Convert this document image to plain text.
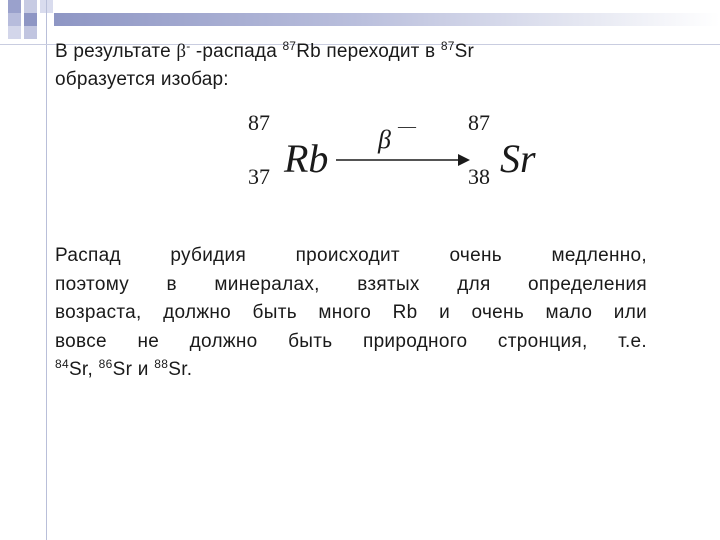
В результате β- -распада $^{87}$Rb переходит в $^{87}$Sr
образуется изобар:
87
37 Rb β — 87
38 Sr
Распад рубидия происходит очень медленно,
поэтому в минералах, взятых для определения
возраста, должно быть много Rb и очень мало или
вовсе не должно быть природного стронция, т.е.
$^{84}$Sr, $^{86}$Sr и $^{88}$Sr.
